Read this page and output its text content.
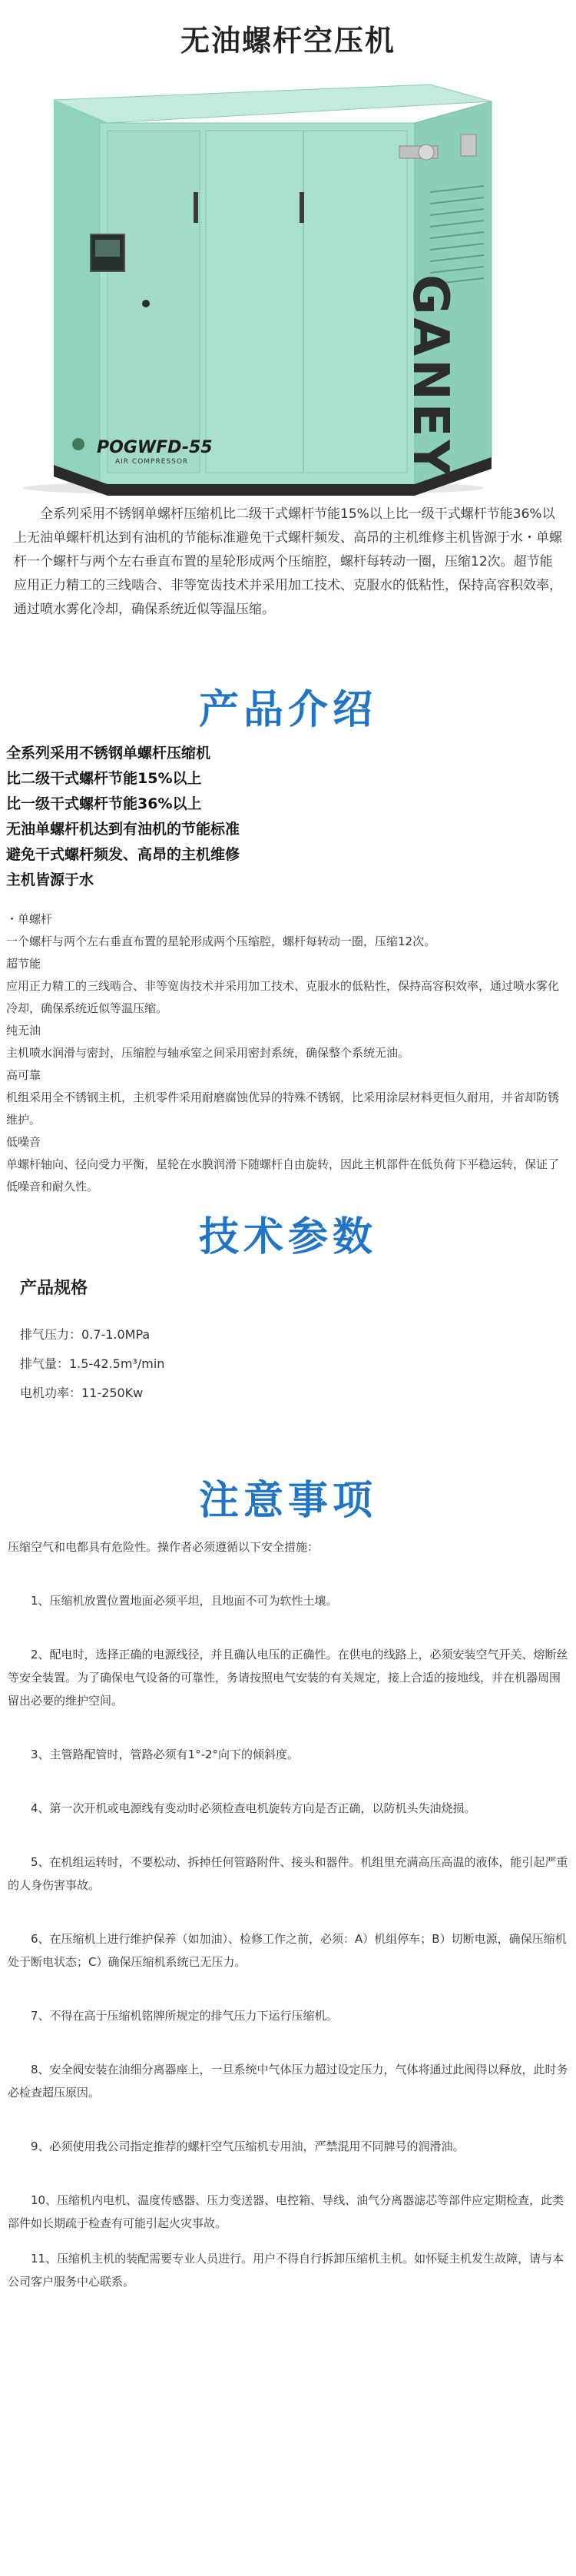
无油螺杆空压机
POGWFD-55
AIR COMPRESSOR	GANEY
全系列采用不锈钢单螺杆压缩机比二级干式螺杆节能15%以上比一级干式螺杆节能36%以上无油单螺杆机达到有油机的节能标准避免干式螺杆频发、高昂的主机维修主机皆源于水・单螺杆一个螺杆与两个左右垂直布置的星轮形成两个压缩腔，螺杆每转动一圈，压缩12次。超节能应用正力精工的三线啮合、非等宽齿技术并采用加工技术、克服水的低粘性，保持高容积效率，通过喷水雾化冷却，确保系统近似等温压缩。
产品介绍
全系列采用不锈钢单螺杆压缩机
比二级干式螺杆节能15%以上
比一级干式螺杆节能36%以上
无油单螺杆机达到有油机的节能标准
避免干式螺杆频发、高昂的主机维修
主机皆源于水

・单螺杆

一个螺杆与两个左右垂直布置的星轮形成两个压缩腔，螺杆每转动一圈，压缩12次。

超节能

应用正力精工的三线啮合、非等宽齿技术并采用加工技术、克服水的低粘性，保持高容积效率，通过喷水雾化冷却，确保系统近似等温压缩。

纯无油

主机喷水润滑与密封，压缩腔与轴承室之间采用密封系统，确保整个系统无油。

高可靠

机组采用全不锈钢主机，主机零件采用耐磨腐蚀优异的特殊不锈钢，比采用涂层材料更恒久耐用，并省却防锈维护。

低噪音

单螺杆轴向、径向受力平衡，星轮在水膜润滑下随螺杆自由旋转，因此主机部件在低负荷下平稳运转，保证了低噪音和耐久性。

技术参数
产品规格
排气压力：0.7-1.0MPa
排气量：1.5-42.5m³/min
电机功率：11-250Kw
注意事项

压缩空气和电都具有危险性。操作者必须遵循以下安全措施：

1、压缩机放置位置地面必须平坦，且地面不可为软性土壤。

2、配电时，选择正确的电源线径，并且确认电压的正确性。在供电的线路上，必须安装空气开关、熔断丝等安全装置。为了确保电气设备的可靠性，务请按照电气安装的有关规定，接上合适的接地线，并在机器周围留出必要的维护空间。

3、主管路配管时，管路必须有1°-2°向下的倾斜度。

4、第一次开机或电源线有变动时必须检查电机旋转方向是否正确，以防机头失油烧损。

5、在机组运转时，不要松动、拆掉任何管路附件、接头和器件。机组里充满高压高温的液体，能引起严重的人身伤害事故。

6、在压缩机上进行维护保养（如加油）、检修工作之前，必须：A）机组停车；B）切断电源，确保压缩机处于断电状态；C）确保压缩机系统已无压力。

7、不得在高于压缩机铭牌所规定的排气压力下运行压缩机。

8、安全阀安装在油细分离器座上，一旦系统中气体压力超过设定压力，气体将通过此阀得以释放，此时务必检查超压原因。

9、必须使用我公司指定推荐的螺杆空气压缩机专用油，严禁混用不同牌号的润滑油。

10、压缩机内电机、温度传感器、压力变送器、电控箱、导线、油气分离器滤芯等部件应定期检查，此类部件如长期疏于检查有可能引起火灾事故。

11、压缩机主机的装配需要专业人员进行。用户不得自行拆卸压缩机主机。如怀疑主机发生故障，请与本公司客户服务中心联系。
